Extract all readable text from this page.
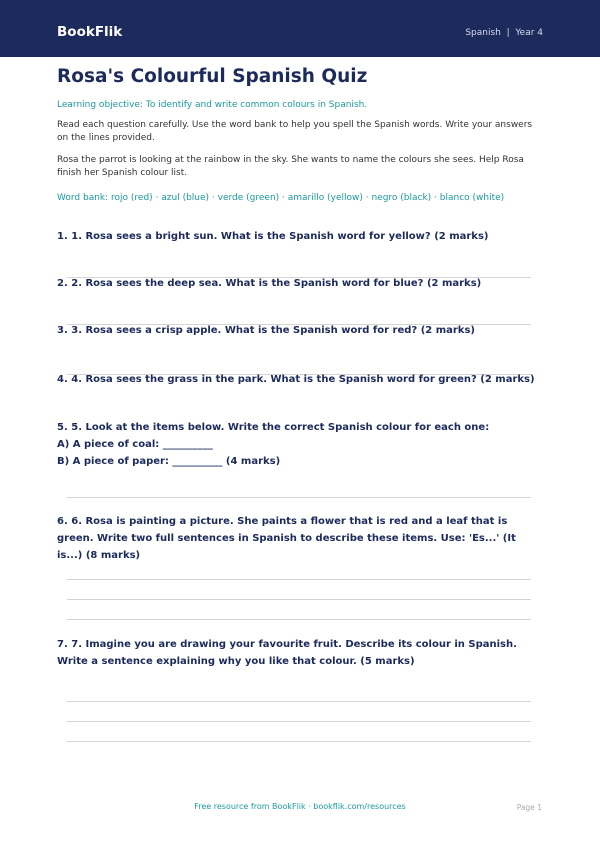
BookFlik	Spanish  |  Year 4
Rosa's Colourful Spanish Quiz
Learning objective: To identify and write common colours in Spanish.
Read each question carefully. Use the word bank to help you spell the Spanish words. Write your answers on the lines provided.
Rosa the parrot is looking at the rainbow in the sky. She wants to name the colours she sees. Help Rosa finish her Spanish colour list.
Word bank: rojo (red) · azul (blue) · verde (green) · amarillo (yellow) · negro (black) · blanco (white)
1. 1. Rosa sees a bright sun. What is the Spanish word for yellow? (2 marks)
2. 2. Rosa sees the deep sea. What is the Spanish word for blue? (2 marks)
3. 3. Rosa sees a crisp apple. What is the Spanish word for red? (2 marks)
4. 4. Rosa sees the grass in the park. What is the Spanish word for green? (2 marks)
5. 5. Look at the items below. Write the correct Spanish colour for each one:
A) A piece of coal: __________
B) A piece of paper: __________ (4 marks)
6. 6. Rosa is painting a picture. She paints a flower that is red and a leaf that is green. Write two full sentences in Spanish to describe these items. Use: 'Es...' (It is...) (8 marks)
7. 7. Imagine you are drawing your favourite fruit. Describe its colour in Spanish. Write a sentence explaining why you like that colour. (5 marks)
Free resource from BookFlik · bookflik.com/resources	Page 1
